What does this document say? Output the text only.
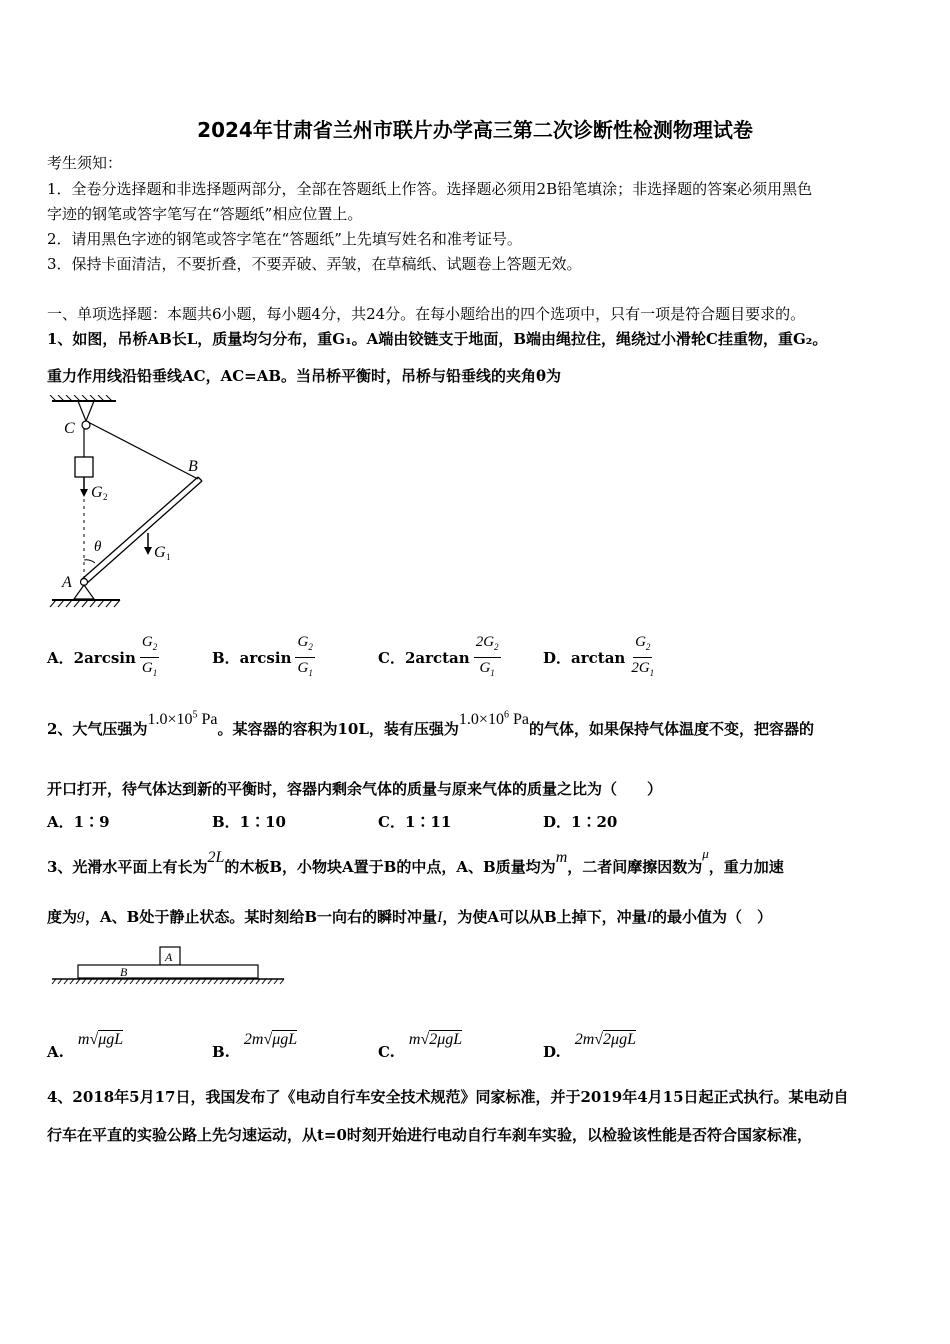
2024年甘肃省兰州市联片办学高三第二次诊断性检测物理试卷
考生须知：
1．全卷分选择题和非选择题两部分，全部在答题纸上作答。选择题必须用2B铅笔填涂；非选择题的答案必须用黑色
字迹的钢笔或答字笔写在“答题纸”相应位置上。
2．请用黑色字迹的钢笔或答字笔在“答题纸”上先填写姓名和准考证号。
3．保持卡面清洁，不要折叠，不要弄破、弄皱，在草稿纸、试题卷上答题无效。
一、单项选择题：本题共6小题，每小题4分，共24分。在每小题给出的四个选项中，只有一项是符合题目要求的。
1、如图，吊桥AB长L，质量均匀分布，重G₁。A端由铰链支于地面，B端由绳拉住，绳绕过小滑轮C挂重物，重G₂。
重力作用线沿铅垂线AC，AC=AB。当吊桥平衡时，吊桥与铅垂线的夹角θ为
C
B
A
G 2
G 1
θ
A．$2\arcsin \frac{G_2}{G_1}$	B．$\arcsin \frac{G_2}{G_1}$	C．$2\arctan \frac{2G_2}{G_1}$	D．$\arctan \frac{G_2}{2G_1}$
2、大气压强为$1.0\times 10^5$ Pa。某容器的容积为10L，装有压强为$1.0\times 10^6$ Pa的气体，如果保持气体温度不变，把容器的
开口打开，待气体达到新的平衡时，容器内剩余气体的质量与原来气体的质量之比为（　　）
A．1∶9	B．1∶10	C．1∶11	D．1∶20
3、光滑水平面上有长为2L的木板B，小物块A置于B的中点，A、B质量均为m，二者间摩擦因数为μ，重力加速
度为g，A、B处于静止状态。某时刻给B一向右的瞬时冲量I，为使A可以从B上掉下，冲量I的最小值为（　）
A
B
A.
m √ μgL
B.
2m √ μgL
C.
m √ 2μgL
D.
2m √ 2μgL
4、2018年5月17日，我国发布了《电动自行车安全技术规范》同家标准，并于2019年4月15日起正式执行。某电动自
行车在平直的实验公路上先匀速运动，从t=0时刻开始进行电动自行车刹车实验，以检验该性能是否符合国家标准，
